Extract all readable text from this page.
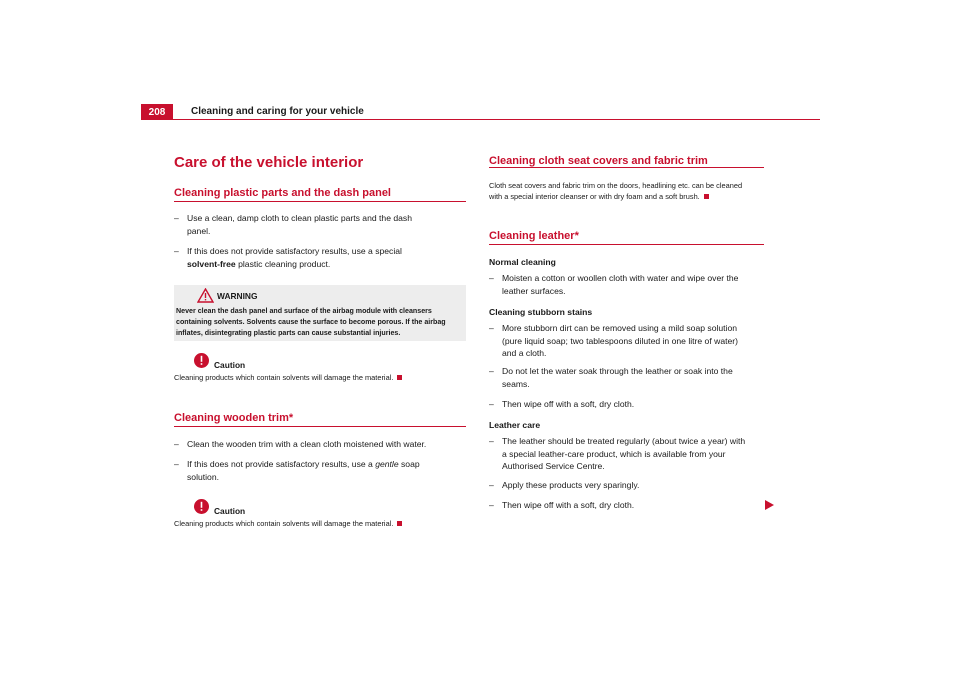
208	Cleaning and caring for your vehicle
Care of the vehicle interior
Cleaning plastic parts and the dash panel
– Use a clean, damp cloth to clean plastic parts and the dash
panel.
– If this does not provide satisfactory results, use a special
solvent-free plastic cleaning product.
WARNING
Never clean the dash panel and surface of the airbag module with cleansers containing solvents. Solvents cause the surface to become porous. If the airbag inflates, disintegrating plastic parts can cause substantial injuries.
Caution
Cleaning products which contain solvents will damage the material.
Cleaning wooden trim*
– Clean the wooden trim with a clean cloth moistened with water.
– If this does not provide satisfactory results, use a gentle soap
solution.
Caution
Cleaning products which contain solvents will damage the material.
Cleaning cloth seat covers and fabric trim
Cloth seat covers and fabric trim on the doors, headlining etc. can be cleaned
with a special interior cleanser or with dry foam and a soft brush.
Cleaning leather*
Normal cleaning
– Moisten a cotton or woollen cloth with water and wipe over the
leather surfaces.
Cleaning stubborn stains
– More stubborn dirt can be removed using a mild soap solution
(pure liquid soap; two tablespoons diluted in one litre of water)
and a cloth.
– Do not let the water soak through the leather or soak into the
seams.
– Then wipe off with a soft, dry cloth.
Leather care
– The leather should be treated regularly (about twice a year) with
a special leather-care product, which is available from your
Authorised Service Centre.
– Apply these products very sparingly.
– Then wipe off with a soft, dry cloth.
